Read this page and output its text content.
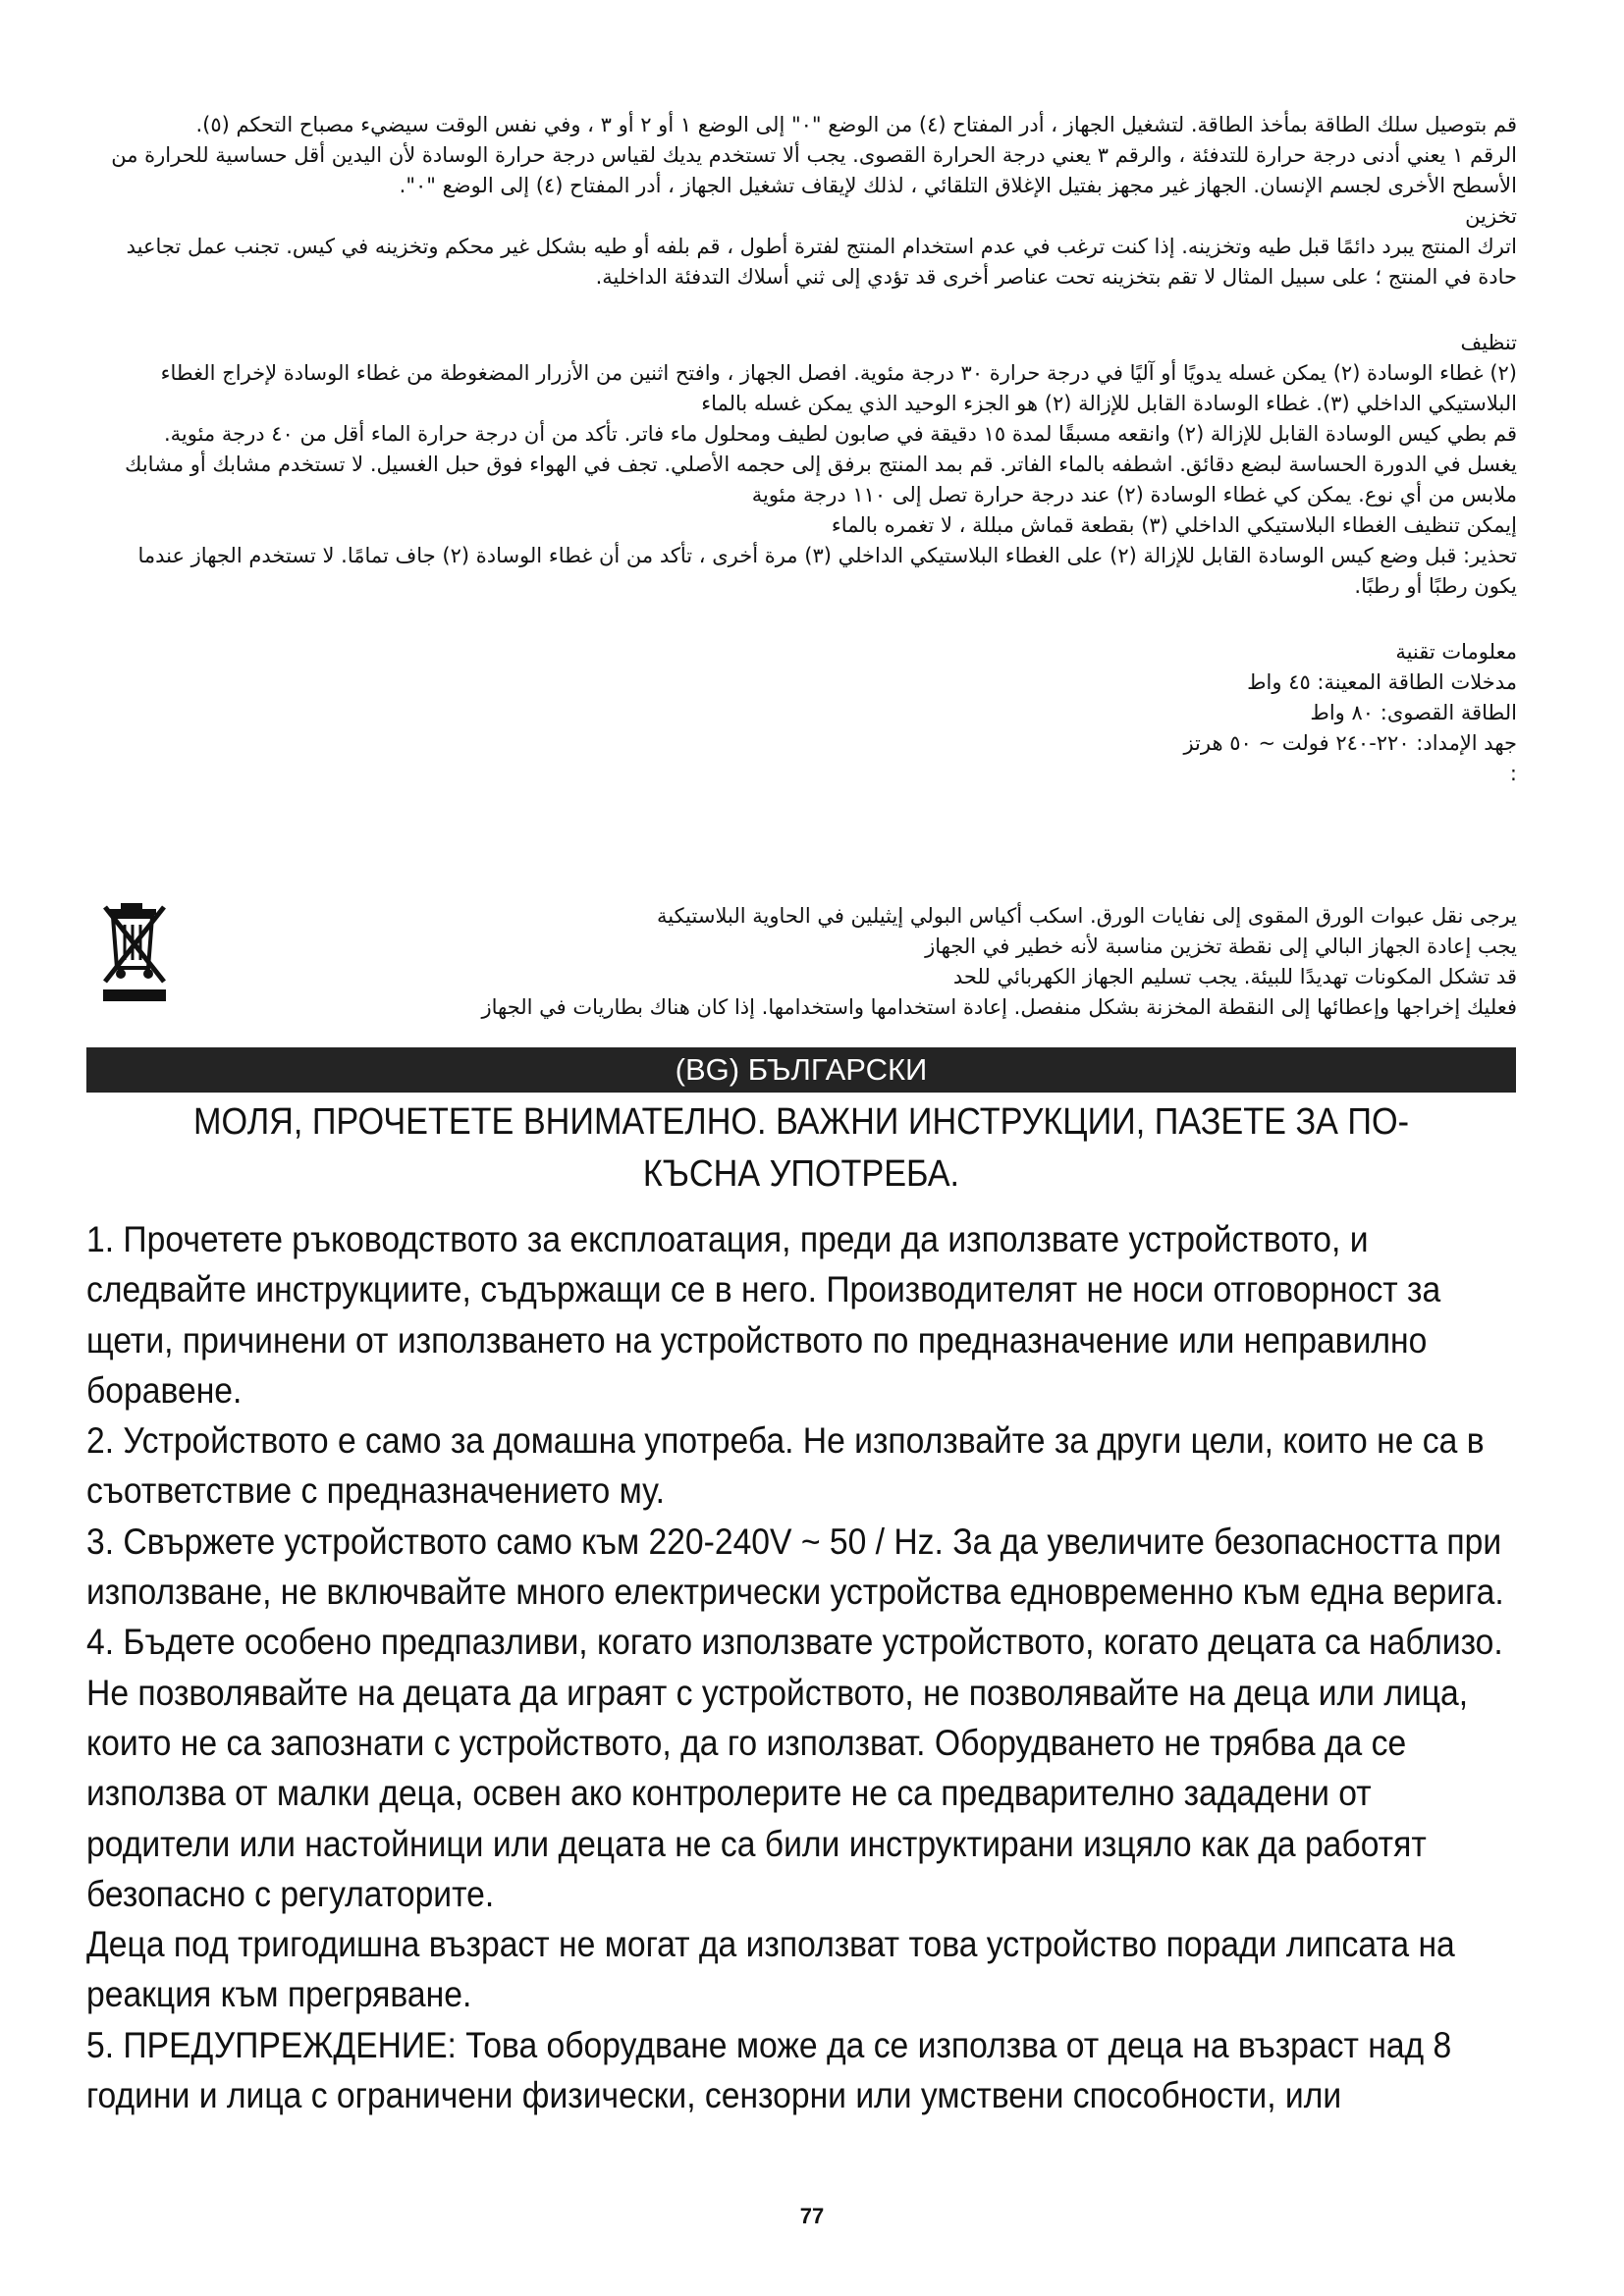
قم بتوصيل سلك الطاقة بمأخذ الطاقة. لتشغيل الجهاز ، أدر المفتاح (٤) من الوضع "٠" إلى الوضع ١ أو ٢ أو ٣ ، وفي نفس الوقت سيضيء مصباح التحكم (٥).

الرقم ١ يعني أدنى درجة حرارة للتدفئة ، والرقم ٣ يعني درجة الحرارة القصوى. يجب ألا تستخدم يديك لقياس درجة حرارة الوسادة لأن اليدين أقل حساسية للحرارة من الأسطح الأخرى لجسم الإنسان. الجهاز غير مجهز بفتيل الإغلاق التلقائي ، لذلك لإيقاف تشغيل الجهاز ، أدر المفتاح (٤) إلى الوضع "٠".

تخزين

اترك المنتج يبرد دائمًا قبل طيه وتخزينه. إذا كنت ترغب في عدم استخدام المنتج لفترة أطول ، قم بلفه أو طيه بشكل غير محكم وتخزينه في كيس. تجنب عمل تجاعيد حادة في المنتج ؛ على سبيل المثال لا تقم بتخزينه تحت عناصر أخرى قد تؤدي إلى ثني أسلاك التدفئة الداخلية.

تنظيف

(٢) غطاء الوسادة (٢) يمكن غسله يدويًا أو آليًا في درجة حرارة ٣٠ درجة مئوية. افصل الجهاز ، وافتح اثنين من الأزرار المضغوطة من غطاء الوسادة لإخراج الغطاء البلاستيكي الداخلي (٣). غطاء الوسادة القابل للإزالة (٢) هو الجزء الوحيد الذي يمكن غسله بالماء

قم بطي كيس الوسادة القابل للإزالة (٢) وانقعه مسبقًا لمدة ١٥ دقيقة في صابون لطيف ومحلول ماء فاتر. تأكد من أن درجة حرارة الماء أقل من ٤٠ درجة مئوية.

يغسل في الدورة الحساسة لبضع دقائق. اشطفه بالماء الفاتر. قم بمد المنتج برفق إلى حجمه الأصلي. تجف في الهواء فوق حبل الغسيل. لا تستخدم مشابك أو مشابك ملابس من أي نوع. يمكن كي غطاء الوسادة (٢) عند درجة حرارة تصل إلى ١١٠ درجة مئوية

إيمكن تنظيف الغطاء البلاستيكي الداخلي (٣) بقطعة قماش مبللة ، لا تغمره بالماء

تحذير: قبل وضع كيس الوسادة القابل للإزالة (٢) على الغطاء البلاستيكي الداخلي (٣) مرة أخرى ، تأكد من أن غطاء الوسادة (٢) جاف تمامًا. لا تستخدم الجهاز عندما يكون رطبًا أو رطبًا.

معلومات تقنية

مدخلات الطاقة المعينة: ٤٥ واط

الطاقة القصوى: ٨٠ واط

جهد الإمداد: ٢٢٠-٢٤٠ فولت ~ ٥٠ هرتز

:

يرجى نقل عبوات الورق المقوى إلى نفايات الورق. اسكب أكياس البولي إيثيلين في الحاوية البلاستيكية

يجب إعادة الجهاز البالي إلى نقطة تخزين مناسبة لأنه خطير في الجهاز

قد تشكل المكونات تهديدًا للبيئة. يجب تسليم الجهاز الكهربائي للحد

فعليك إخراجها وإعطائها إلى النقطة المخزنة بشكل منفصل. إعادة استخدامها واستخدامها. إذا كان هناك بطاريات في الجهاز

(BG) БЪЛГАРСКИ
МОЛЯ, ПРОЧЕТЕТЕ ВНИМАТЕЛНО. ВАЖНИ ИНСТРУКЦИИ, ПАЗЕТЕ ЗА ПО-КЪСНА УПОТРЕБА.

1. Прочетете ръководството за експлоатация, преди да използвате устройството, и следвайте инструкциите, съдържащи се в него. Производителят не носи отговорност за щети, причинени от използването на устройството по предназначение или неправилно боравене.

2. Устройството е само за домашна употреба. Не използвайте за други цели, които не са в съответствие с предназначението му.

3. Свържете устройството само към 220-240V ~ 50 / Hz. За да увеличите безопасността при използване, не включвайте много електрически устройства едновременно към една верига.

4. Бъдете особено предпазливи, когато използвате устройството, когато децата са наблизо. Не позволявайте на децата да играят с устройството, не позволявайте на деца или лица, които не са запознати с устройството, да го използват. Оборудването не трябва да се използва от малки деца, освен ако контролерите не са предварително зададени от родители или настойници или децата не са били инструктирани изцяло как да работят безопасно с регулаторите.

Деца под тригодишна възраст не могат да използват това устройство поради липсата на реакция към прегряване.

5. ПРЕДУПРЕЖДЕНИЕ: Това оборудване може да се използва от деца на възраст над 8 години и лица с ограничени физически, сензорни или умствени способности, или

77
